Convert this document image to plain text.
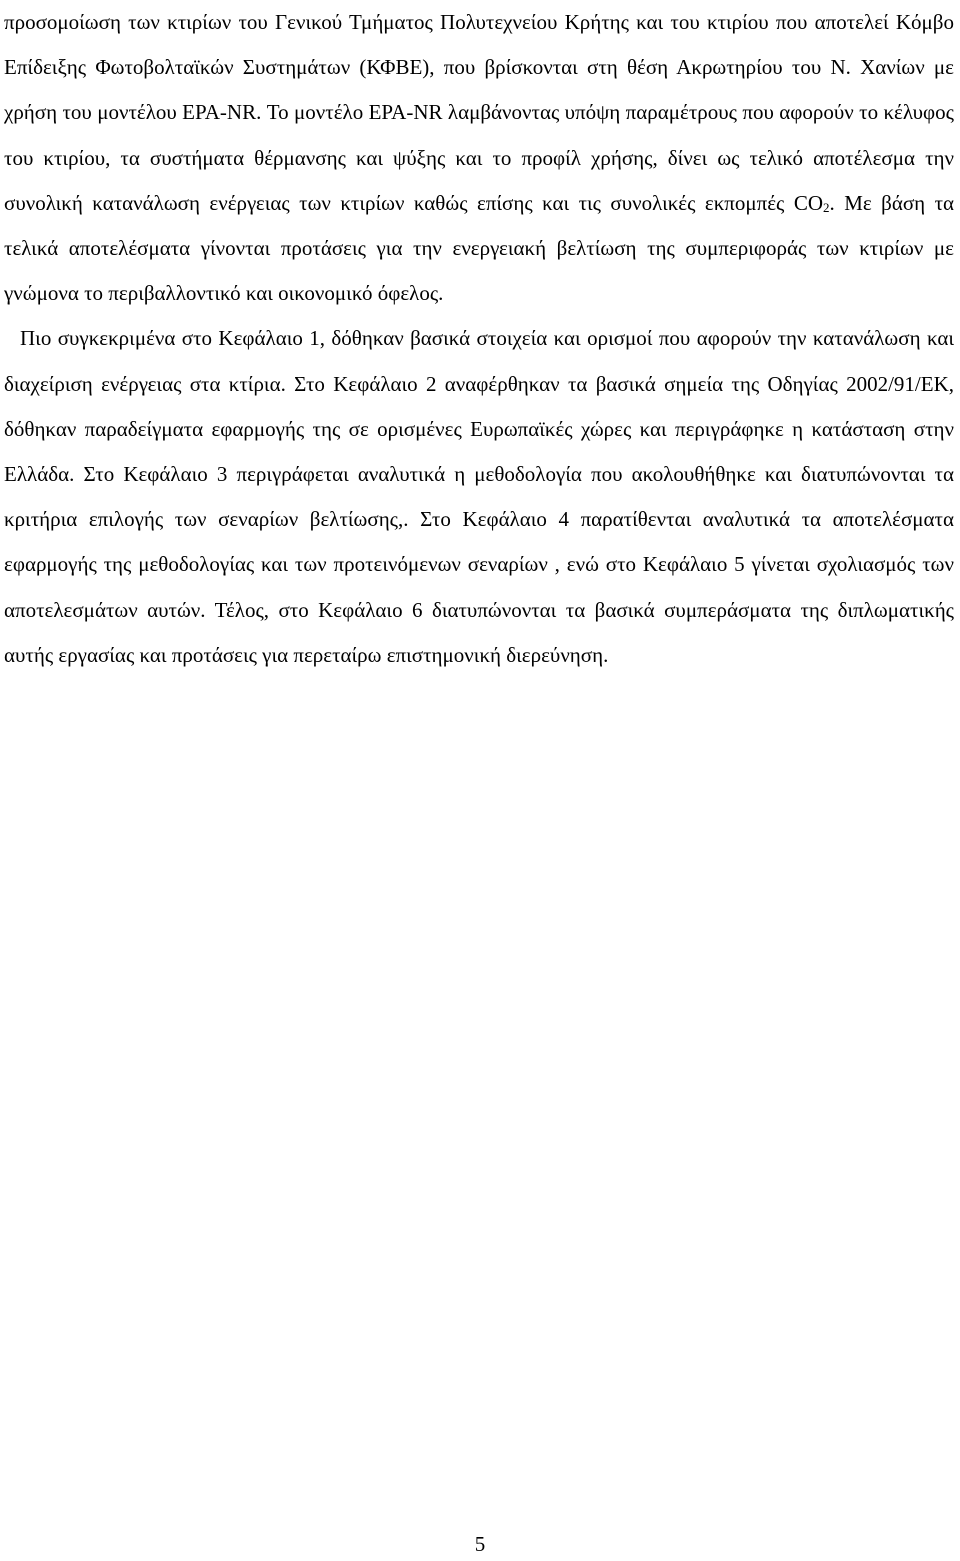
προσομοίωση των κτιρίων του Γενικού Τμήματος Πολυτεχνείου Κρήτης και του κτιρίου που αποτελεί Κόμβο Επίδειξης Φωτοβολταϊκών Συστημάτων (ΚΦΒΕ), που βρίσκονται στη θέση Ακρωτηρίου του Ν. Χανίων με χρήση του μοντέλου EPA-NR. Το μοντέλο EPA-NR λαμβάνοντας υπόψη παραμέτρους που αφορούν το κέλυφος του κτιρίου, τα συστήματα θέρμανσης και ψύξης και το προφίλ χρήσης, δίνει ως τελικό αποτέλεσμα την συνολική κατανάλωση ενέργειας των κτιρίων καθώς επίσης και τις συνολικές εκπομπές $CO_2$. Με βάση τα τελικά αποτελέσματα γίνονται προτάσεις για την ενεργειακή βελτίωση της συμπεριφοράς των κτιρίων με γνώμονα το περιβαλλοντικό και οικονομικό όφελος.

Πιο συγκεκριμένα στο Κεφάλαιο 1, δόθηκαν βασικά στοιχεία και ορισμοί που αφορούν την κατανάλωση και διαχείριση ενέργειας στα κτίρια. Στο Κεφάλαιο 2 αναφέρθηκαν τα βασικά σημεία της Οδηγίας 2002/91/ΕΚ, δόθηκαν παραδείγματα εφαρμογής της σε ορισμένες Ευρωπαϊκές χώρες και περιγράφηκε η κατάσταση στην Ελλάδα. Στο Κεφάλαιο 3 περιγράφεται αναλυτικά η μεθοδολογία που ακολουθήθηκε και διατυπώνονται τα κριτήρια επιλογής των σεναρίων βελτίωσης,. Στο Κεφάλαιο 4 παρατίθενται αναλυτικά τα αποτελέσματα εφαρμογής της μεθοδολογίας και των προτεινόμενων σεναρίων , ενώ στο Κεφάλαιο 5 γίνεται σχολιασμός των αποτελεσμάτων αυτών. Τέλος, στο Κεφάλαιο 6 διατυπώνονται τα βασικά συμπεράσματα της διπλωματικής αυτής εργασίας και προτάσεις για περεταίρω επιστημονική διερεύνηση.

5
